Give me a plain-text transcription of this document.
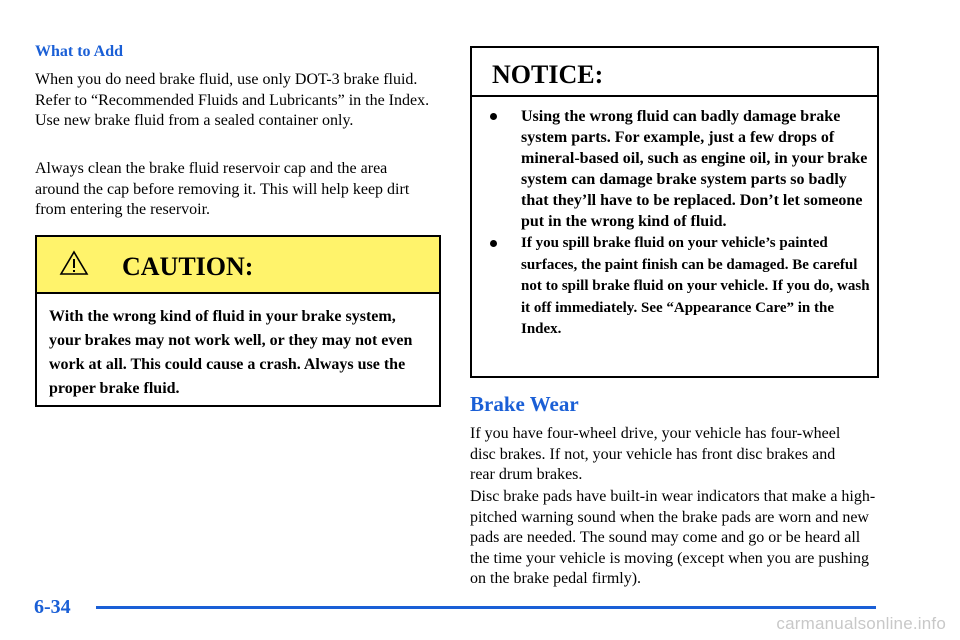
What to Add

When you do need brake fluid, use only DOT-3 brake fluid. Refer to “Recommended Fluids and Lubricants” in the Index. Use new brake fluid from a sealed container only.

Always clean the brake fluid reservoir cap and the area around the cap before removing it. This will help keep dirt from entering the reservoir.

CAUTION:

With the wrong kind of fluid in your brake system, your brakes may not work well, or they may not even work at all. This could cause a crash. Always use the proper brake fluid.

NOTICE:
Using the wrong fluid can badly damage brake system parts. For example, just a few drops of mineral-based oil, such as engine oil, in your brake system can damage brake system parts so badly that they’ll have to be replaced. Don’t let someone put in the wrong kind of fluid.
If you spill brake fluid on your vehicle’s painted surfaces, the paint finish can be damaged. Be careful not to spill brake fluid on your vehicle. If you do, wash it off immediately. See “Appearance Care” in the Index.
Brake Wear

If you have four-wheel drive, your vehicle has four-wheel disc brakes. If not, your vehicle has front disc brakes and rear drum brakes.

Disc brake pads have built-in wear indicators that make a high-pitched warning sound when the brake pads are worn and new pads are needed. The sound may come and go or be heard all the time your vehicle is moving (except when you are pushing on the brake pedal firmly).

6-34
carmanualsonline.info
